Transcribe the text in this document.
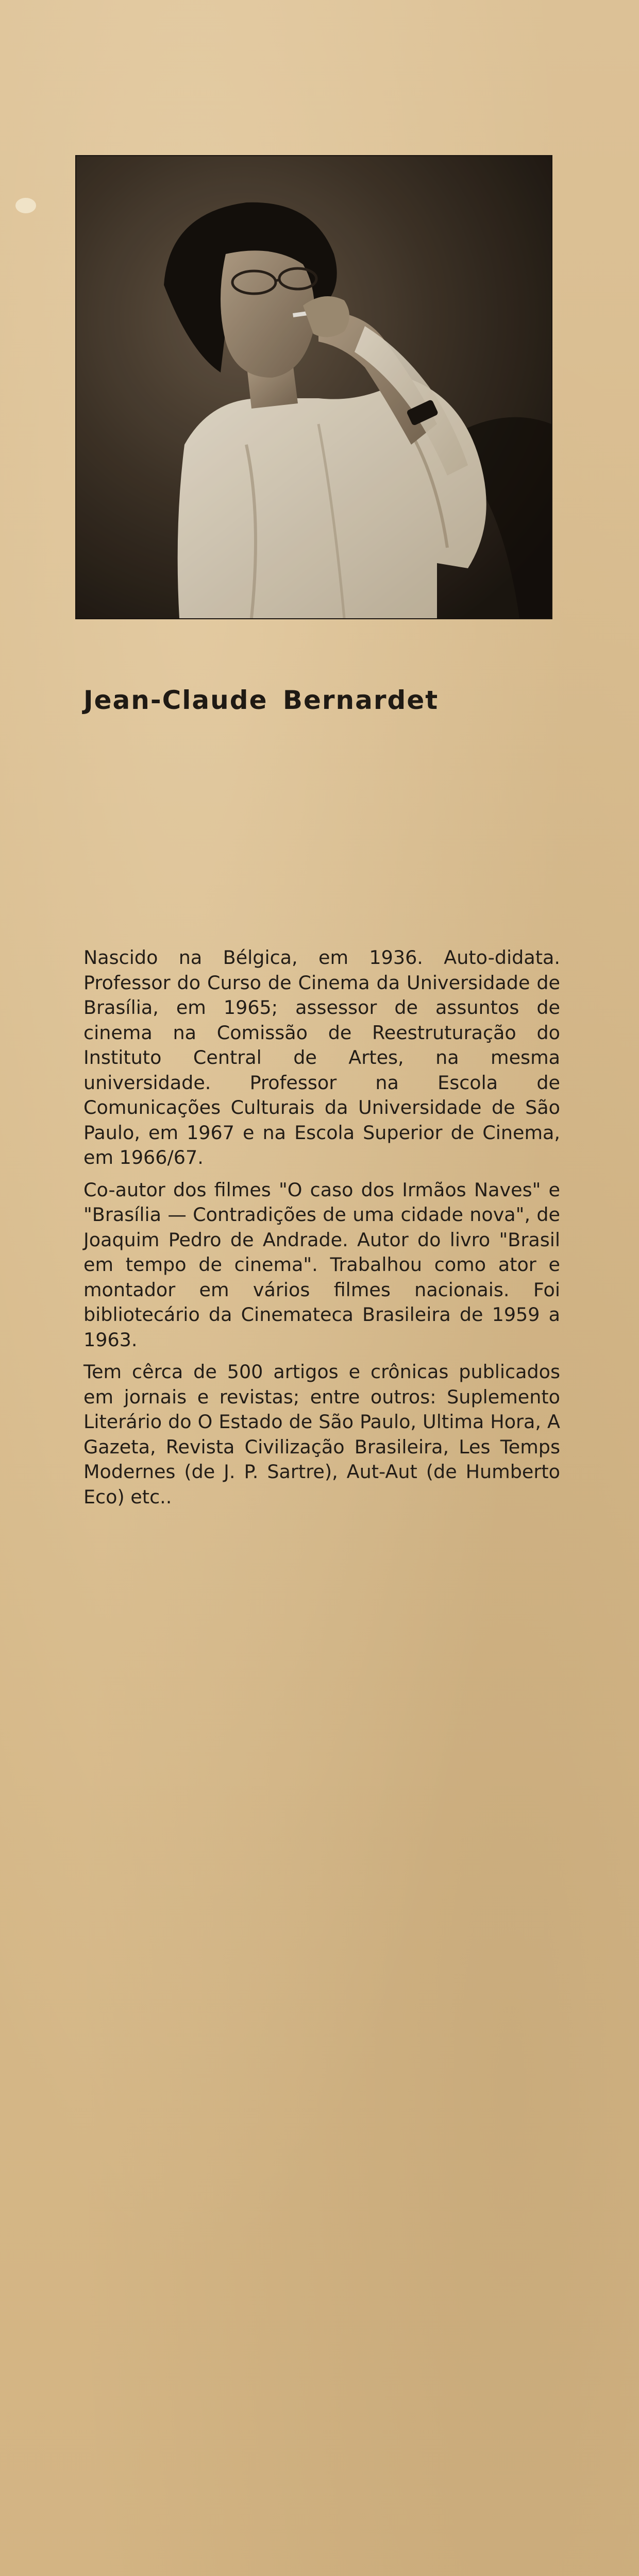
Jean-Claude Bernardet

Nascido na Bélgica, em 1936. Auto-didata. Professor do Curso de Cinema da Universidade de Brasília, em 1965; assessor de assuntos de cinema na Comissão de Reestruturação do Instituto Central de Artes, na mesma universidade. Professor na Escola de Comunicações Culturais da Universidade de São Paulo, em 1967 e na Escola Superior de Cinema, em 1966/67.

Co-autor dos filmes "O caso dos Irmãos Naves" e "Brasília — Contradições de uma cidade nova", de Joaquim Pedro de Andrade. Autor do livro "Brasil em tempo de cinema". Trabalhou como ator e montador em vários filmes nacionais. Foi bibliotecário da Cinemateca Brasileira de 1959 a 1963.

Tem cêrca de 500 artigos e crônicas publicados em jornais e revistas; entre outros: Suplemento Literário do O Estado de São Paulo, Ultima Hora, A Gazeta, Revista Civilização Brasileira, Les Temps Modernes (de J. P. Sartre), Aut-Aut (de Humberto Eco) etc..
